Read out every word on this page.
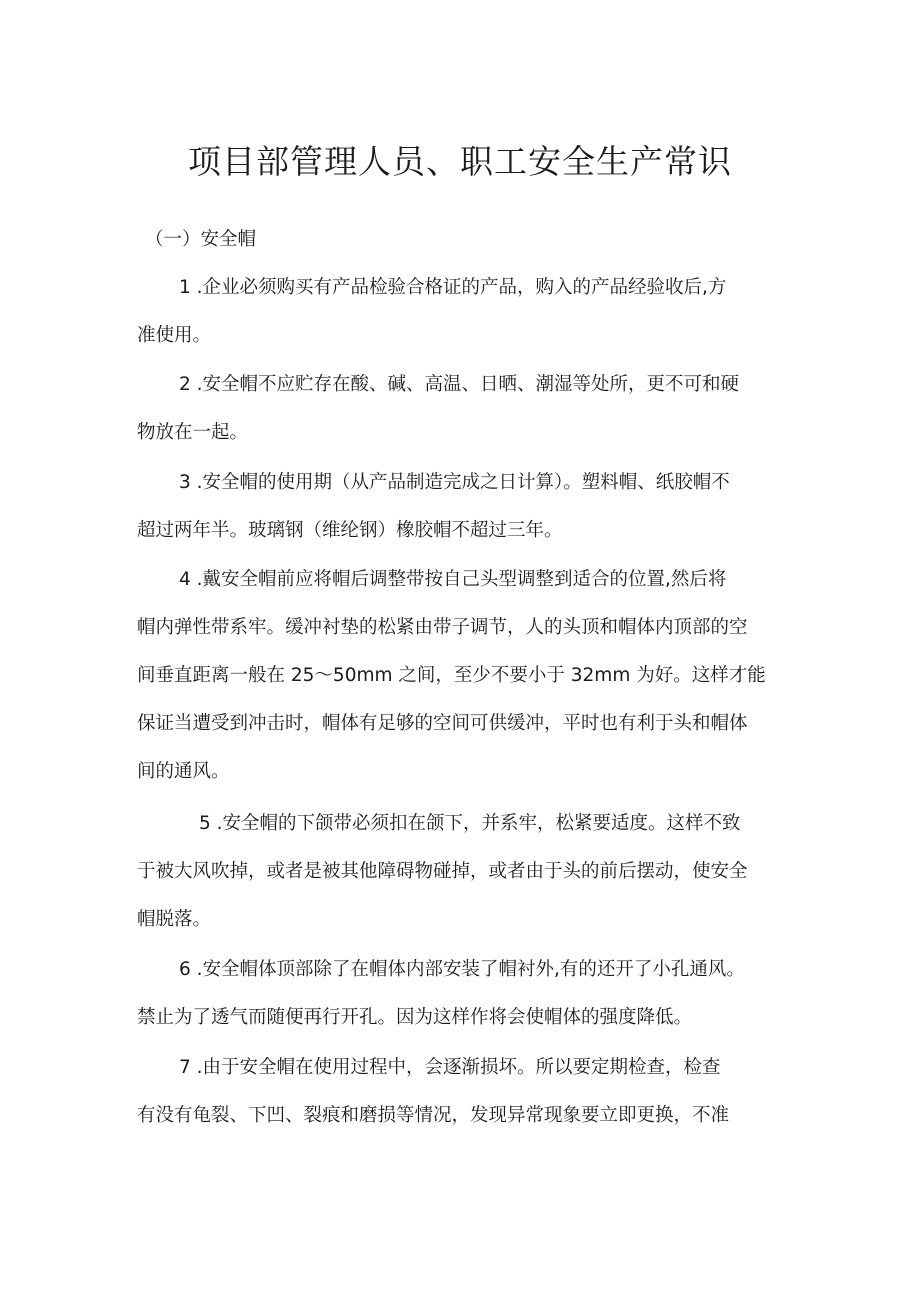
项目部管理人员、职工安全生产常识
（一）安全帽
1 .企业必须购买有产品检验合格证的产品，购入的产品经验收后,方
准使用。
2 .安全帽不应贮存在酸、碱、高温、日晒、潮湿等处所，更不可和硬
物放在一起。
3 .安全帽的使用期（从产品制造完成之日计算）。塑料帽、纸胶帽不
超过两年半。玻璃钢（维纶钢）橡胶帽不超过三年。
4 .戴安全帽前应将帽后调整带按自己头型调整到适合的位置,然后将
帽内弹性带系牢。缓冲衬垫的松紧由带子调节，人的头顶和帽体内顶部的空
间垂直距离一般在 25～50mm 之间，至少不要小于 32mm 为好。这样才能
保证当遭受到冲击时，帽体有足够的空间可供缓冲，平时也有利于头和帽体
间的通风。
5 .安全帽的下颌带必须扣在颌下，并系牢，松紧要适度。这样不致
于被大风吹掉，或者是被其他障碍物碰掉，或者由于头的前后摆动，使安全
帽脱落。
6 .安全帽体顶部除了在帽体内部安装了帽衬外,有的还开了小孔通风。
禁止为了透气而随便再行开孔。因为这样作将会使帽体的强度降低。
7 .由于安全帽在使用过程中，会逐渐损坏。所以要定期检查，检查
有没有龟裂、下凹、裂痕和磨损等情况，发现异常现象要立即更换，不准
